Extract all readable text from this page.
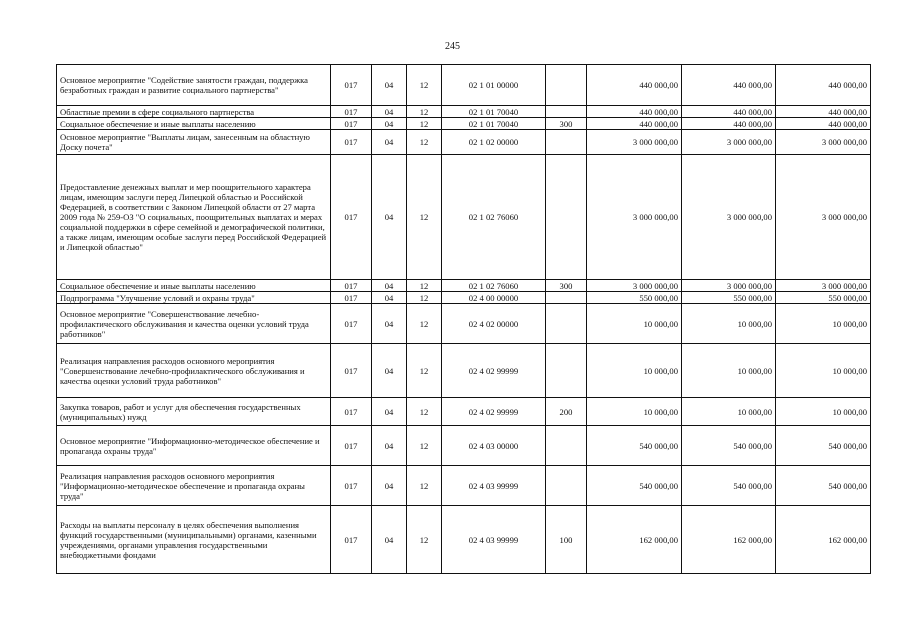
245
Основное мероприятие "Содействие занятости граждан, поддержка безработных граждан и развитие социального партнерства"	017	04	12	02 1 01 00000		440 000,00	440 000,00	440 000,00
Областные премии в сфере социального партнерства	017	04	12	02 1 01 70040		440 000,00	440 000,00	440 000,00
Социальное обеспечение и иные выплаты населению	017	04	12	02 1 01 70040	300	440 000,00	440 000,00	440 000,00
Основное мероприятие "Выплаты лицам, занесенным на областную Доску почета"	017	04	12	02 1 02 00000		3 000 000,00	3 000 000,00	3 000 000,00
Предоставление денежных выплат и мер поощрительного характера лицам, имеющим заслуги перед Липецкой областью и Российской Федерацией, в соответствии с Законом Липецкой области от 27 марта 2009 года № 259-ОЗ "О социальных, поощрительных выплатах и мерах социальной поддержки в сфере семейной и демографической политики, а также лицам, имеющим особые заслуги перед Российской Федерацией и Липецкой областью"	017	04	12	02 1 02 76060		3 000 000,00	3 000 000,00	3 000 000,00
Социальное обеспечение и иные выплаты населению	017	04	12	02 1 02 76060	300	3 000 000,00	3 000 000,00	3 000 000,00
Подпрограмма "Улучшение условий и охраны труда"	017	04	12	02 4 00 00000		550 000,00	550 000,00	550 000,00
Основное мероприятие "Совершенствование лечебно-профилактического обслуживания и качества оценки условий труда работников"	017	04	12	02 4 02 00000		10 000,00	10 000,00	10 000,00
Реализация направления расходов основного мероприятия "Совершенствование лечебно-профилактического обслуживания и качества оценки условий труда работников"	017	04	12	02 4 02 99999		10 000,00	10 000,00	10 000,00
Закупка товаров, работ и услуг для обеспечения государственных (муниципальных) нужд	017	04	12	02 4 02 99999	200	10 000,00	10 000,00	10 000,00
Основное мероприятие "Информационно-методическое обеспечение и пропаганда охраны труда"	017	04	12	02 4 03 00000		540 000,00	540 000,00	540 000,00
Реализация направления расходов основного мероприятия "Информационно-методическое обеспечение и пропаганда охраны труда"	017	04	12	02 4 03 99999		540 000,00	540 000,00	540 000,00
Расходы на выплаты персоналу в целях обеспечения выполнения функций государственными (муниципальными) органами, казенными учреждениями, органами управления государственными внебюджетными фондами	017	04	12	02 4 03 99999	100	162 000,00	162 000,00	162 000,00
